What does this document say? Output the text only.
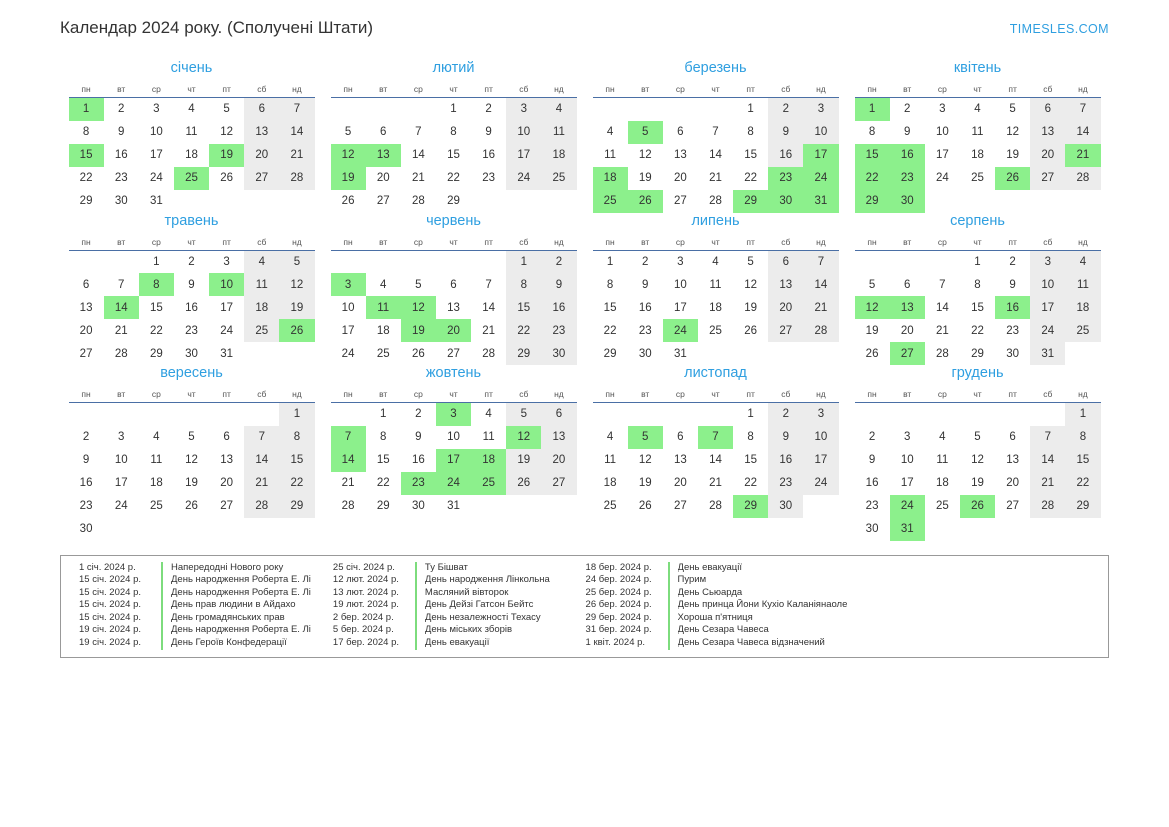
Календар 2024 року. (Сполучені Штати)	TIMESLES.COM
січень
пн	вт	ср	чт	пт	сб	нд
1	2	3	4	5	6	7
8	9	10	11	12	13	14
15	16	17	18	19	20	21
22	23	24	25	26	27	28
29	30	31				
лютий
пн	вт	ср	чт	пт	сб	нд
			1	2	3	4
5	6	7	8	9	10	11
12	13	14	15	16	17	18
19	20	21	22	23	24	25
26	27	28	29			
березень
пн	вт	ср	чт	пт	сб	нд
				1	2	3
4	5	6	7	8	9	10
11	12	13	14	15	16	17
18	19	20	21	22	23	24
25	26	27	28	29	30	31
квітень
пн	вт	ср	чт	пт	сб	нд
1	2	3	4	5	6	7
8	9	10	11	12	13	14
15	16	17	18	19	20	21
22	23	24	25	26	27	28
29	30					
травень
пн	вт	ср	чт	пт	сб	нд
		1	2	3	4	5
6	7	8	9	10	11	12
13	14	15	16	17	18	19
20	21	22	23	24	25	26
27	28	29	30	31		
червень
пн	вт	ср	чт	пт	сб	нд
					1	2
3	4	5	6	7	8	9
10	11	12	13	14	15	16
17	18	19	20	21	22	23
24	25	26	27	28	29	30
липень
пн	вт	ср	чт	пт	сб	нд
1	2	3	4	5	6	7
8	9	10	11	12	13	14
15	16	17	18	19	20	21
22	23	24	25	26	27	28
29	30	31				
серпень
пн	вт	ср	чт	пт	сб	нд
			1	2	3	4
5	6	7	8	9	10	11
12	13	14	15	16	17	18
19	20	21	22	23	24	25
26	27	28	29	30	31	
вересень
пн	вт	ср	чт	пт	сб	нд
						1
2	3	4	5	6	7	8
9	10	11	12	13	14	15
16	17	18	19	20	21	22
23	24	25	26	27	28	29
30						
жовтень
пн	вт	ср	чт	пт	сб	нд
	1	2	3	4	5	6
7	8	9	10	11	12	13
14	15	16	17	18	19	20
21	22	23	24	25	26	27
28	29	30	31			
листопад
пн	вт	ср	чт	пт	сб	нд
				1	2	3
4	5	6	7	8	9	10
11	12	13	14	15	16	17
18	19	20	21	22	23	24
25	26	27	28	29	30	
грудень
пн	вт	ср	чт	пт	сб	нд
						1
2	3	4	5	6	7	8
9	10	11	12	13	14	15
16	17	18	19	20	21	22
23	24	25	26	27	28	29
30	31					
1 січ. 2024 р.	Напередодні Нового року
15 січ. 2024 р.	День народження Роберта Е. Лі
15 січ. 2024 р.	День народження Роберта Е. Лі
15 січ. 2024 р.	День прав людини в Айдахо
15 січ. 2024 р.	День громадянських прав
19 січ. 2024 р.	День народження Роберта Е. Лі
19 січ. 2024 р.	День Героїв Конфедерації
25 січ. 2024 р.	Ту Бішват
12 лют. 2024 р.	День народження Лінкольна
13 лют. 2024 р.	Масляний вівторок
19 лют. 2024 р.	День Дейзі Гатсон Бейтс
2 бер. 2024 р.	День незалежності Техасу
5 бер. 2024 р.	День міських зборів
17 бер. 2024 р.	День евакуації
18 бер. 2024 р.	День евакуації
24 бер. 2024 р.	Пурим
25 бер. 2024 р.	День Сьюарда
26 бер. 2024 р.	День принца Йони Кухіо Каланіянаоле
29 бер. 2024 р.	Хороша п'ятниця
31 бер. 2024 р.	День Сезара Чавеса
1 квіт. 2024 р.	День Сезара Чавеса відзначений
